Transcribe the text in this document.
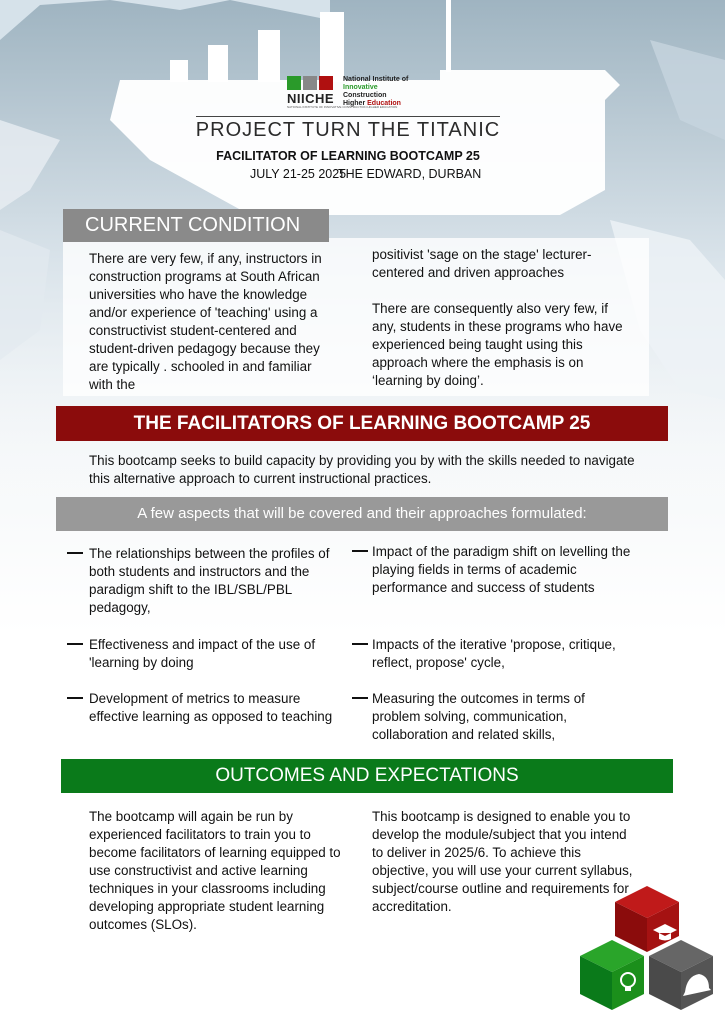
NIICHE
NATIONAL INSTITUTE OF INNOVATIVE CONSTRUCTION HIGHER EDUCATION
National Institute of
Innovative
Construction
Higher Education
PROJECT TURN THE TITANIC
FACILITATOR OF LEARNING BOOTCAMP 25
JULY 21-25 2025
THE EDWARD, DURBAN
CURRENT CONDITION
There are very few, if any, instructors in construction programs at South African universities who have the knowledge and/or experience of 'teaching' using a constructivist student-centered and student-driven pedagogy because they are typically . schooled in and familiar with the

positivist 'sage on the stage' lecturer-centered and driven approaches

There are consequently also very few, if any, students in these programs who have experienced being taught using this approach where the emphasis is on ‘learning by doing’.

THE FACILITATORS OF LEARNING BOOTCAMP 25
This bootcamp seeks to build capacity by providing you by with the skills needed to navigate this alternative approach to current instructional practices.
A few aspects that will be covered and their approaches formulated:
The relationships between the profiles of both students and instructors and the paradigm shift to the IBL/SBL/PBL pedagogy,
Impact of the paradigm shift on levelling the playing fields in terms of academic performance and success of students
Effectiveness and impact of the use of 'learning by doing
Impacts of the iterative 'propose, critique, reflect, propose' cycle,
Development of metrics to measure effective learning as opposed to teaching
Measuring the outcomes in terms of problem solving, communication, collaboration and related skills,
OUTCOMES AND EXPECTATIONS
The bootcamp will again be run by experienced facilitators to train you to become facilitators of learning equipped to use constructivist and active learning techniques in your classrooms including developing appropriate student learning outcomes (SLOs).
This bootcamp is designed to enable you to develop the module/subject that you intend to deliver in 2025/6. To achieve this objective, you will use your current syllabus, subject/course outline and requirements for accreditation.
